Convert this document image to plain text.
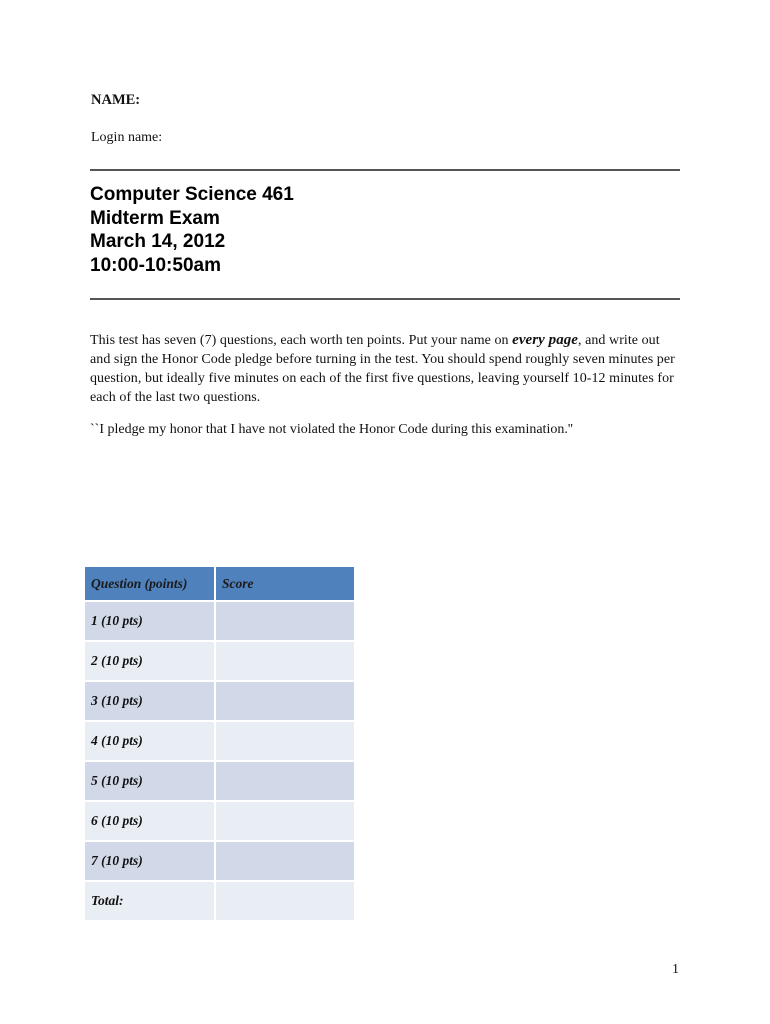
NAME:
Login name:
Computer Science 461
Midterm Exam
March 14, 2012
10:00-10:50am
This test has seven (7) questions, each worth ten points. Put your name on every page, and write out and sign the Honor Code pledge before turning in the test. You should spend roughly seven minutes per question, but ideally five minutes on each of the first five questions, leaving yourself 10-12 minutes for each of the last two questions.
``I pledge my honor that I have not violated the Honor Code during this examination.''
Question (points)	Score
1 (10 pts)	
2 (10 pts)	
3 (10 pts)	
4 (10 pts)	
5 (10 pts)	
6 (10 pts)	
7 (10 pts)	
Total:	
1
